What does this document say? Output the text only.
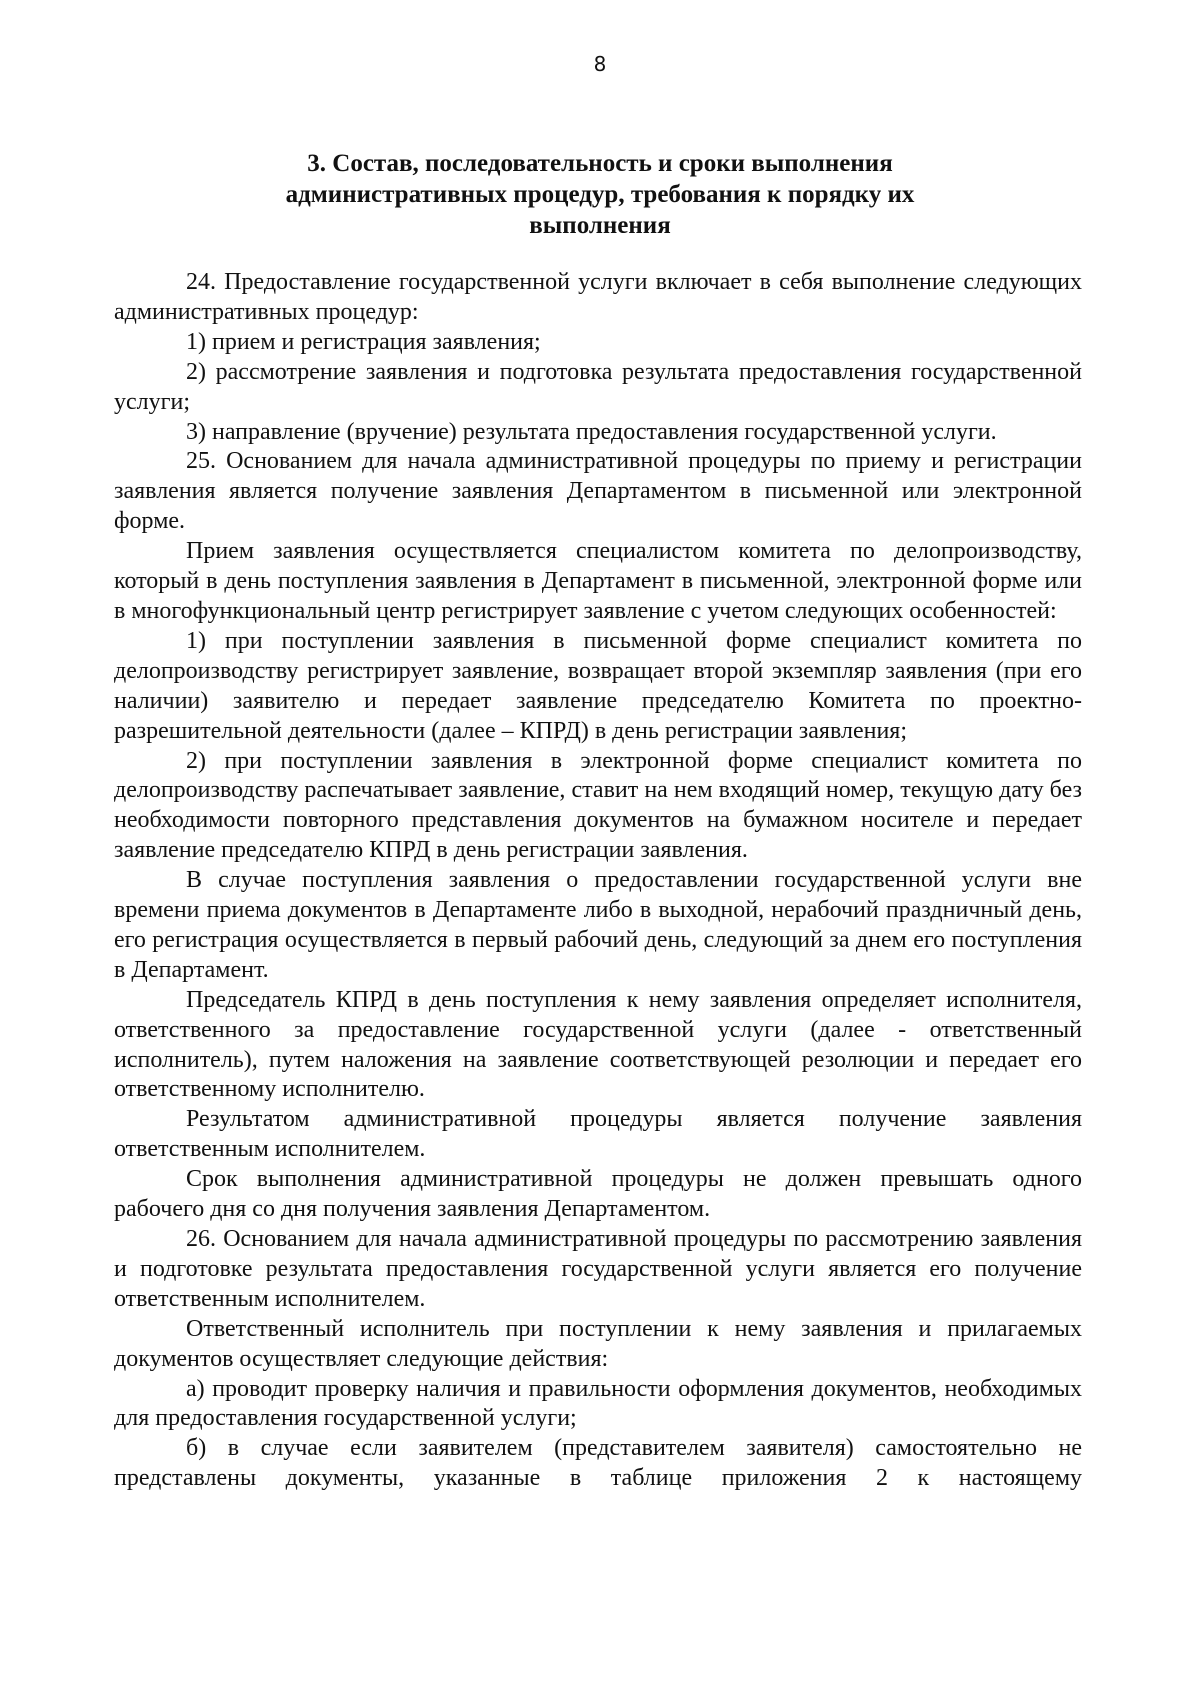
8
3. Состав, последовательность и сроки выполнения
административных процедур, требования к порядку их
выполнения

24. Предоставление государственной услуги включает в себя выполнение следующих административных процедур:

1) прием и регистрация заявления;

2) рассмотрение заявления и подготовка результата предоставления государственной услуги;

3) направление (вручение) результата предоставления государственной услуги.

25. Основанием для начала административной процедуры по приему и регистрации заявления является получение заявления Департаментом в письменной или электронной форме.

Прием заявления осуществляется специалистом комитета по делопроизводству, который в день поступления заявления в Департамент в письменной, электронной форме или в многофункциональный центр регистрирует заявление с учетом следующих особенностей:

1) при поступлении заявления в письменной форме специалист комитета по делопроизводству регистрирует заявление, возвращает второй экземпляр заявления (при его наличии) заявителю и передает заявление председателю Комитета по проектно-разрешительной деятельности (далее – КПРД) в день регистрации заявления;

2) при поступлении заявления в электронной форме специалист комитета по делопроизводству распечатывает заявление, ставит на нем входящий номер, текущую дату без необходимости повторного представления документов на бумажном носителе и передает заявление председателю КПРД в день регистрации заявления.

В случае поступления заявления о предоставлении государственной услуги вне времени приема документов в Департаменте либо в выходной, нерабочий праздничный день, его регистрация осуществляется в первый рабочий день, следующий за днем его поступления в Департамент.

Председатель КПРД в день поступления к нему заявления определяет исполнителя, ответственного за предоставление государственной услуги (далее - ответственный исполнитель), путем наложения на заявление соответствующей резолюции и передает его ответственному исполнителю.

Результатом административной процедуры является получение заявления ответственным исполнителем.

Срок выполнения административной процедуры не должен превышать одного рабочего дня со дня получения заявления Департаментом.

26. Основанием для начала административной процедуры по рассмотрению заявления и подготовке результата предоставления государственной услуги является его получение ответственным исполнителем.

Ответственный исполнитель при поступлении к нему заявления и прилагаемых документов осуществляет следующие действия:

а) проводит проверку наличия и правильности оформления документов, необходимых для предоставления государственной услуги;

б) в случае если заявителем (представителем заявителя) самостоятельно не представлены документы, указанные в таблице приложения 2 к настоящему
